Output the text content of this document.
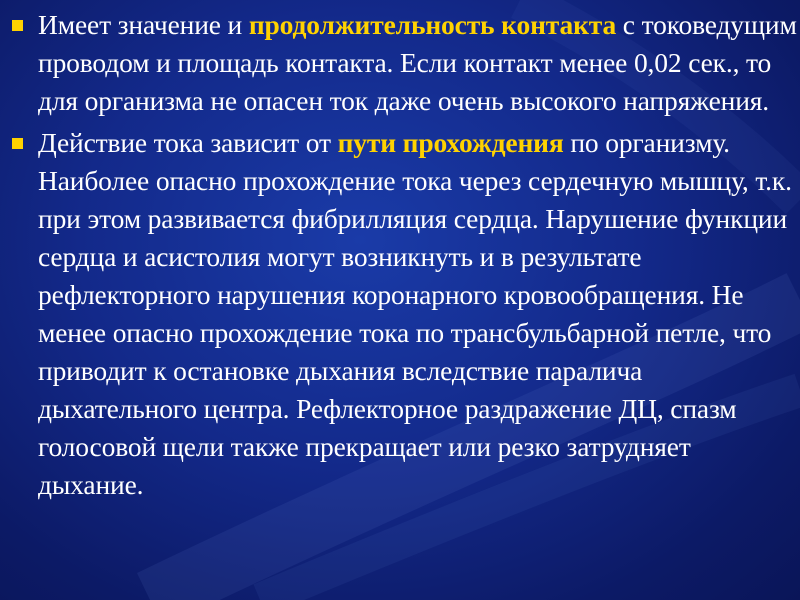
Имеет значение и продолжительность контакта с токоведущим проводом и площадь контакта. Если контакт менее 0,02 сек., то для организма не опасен ток даже очень высокого напряжения.
Действие тока зависит от пути прохождения по организму. Наиболее опасно прохождение тока через сердечную мышцу, т.к. при этом развивается фибрилляция сердца. Нарушение функции сердца и асистолия могут возникнуть и в результате рефлекторного нарушения коронарного кровообращения. Не менее опасно прохождение тока по трансбульбарной петле, что приводит к остановке дыхания вследствие паралича дыхательного центра. Рефлекторное раздражение ДЦ, спазм голосовой щели также прекращает или резко затрудняет дыхание.
